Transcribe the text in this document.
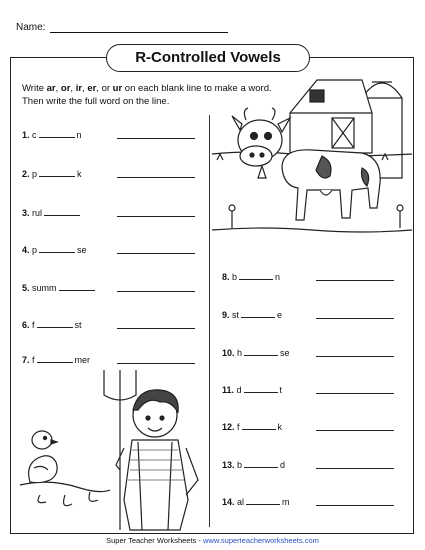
Name:
R-Controlled Vowels
Write ar, or, ir, er, or ur on each blank line to make a word. Then write the full word on the line.
1. c	n
2. p	k
3. rul
4. p	se
5. summ
6. f	st
7. f	mer
8. b	n
9. st	e
10. h	se
11. d	t
12. f	k
13. b	d
14. al	m
Super Teacher Worksheets - www.superteacherworksheets.com
